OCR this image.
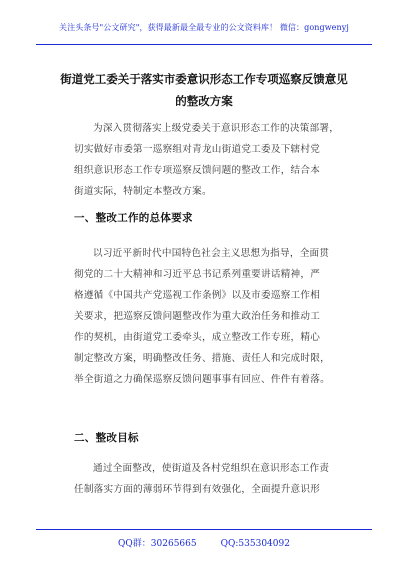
关注头条号"公文研究"，获得最新最全最专业的公文资料库！ 微信：gongwenyj
街道党工委关于落实市委意识形态工作专项巡察反馈意见
的整改方案
为深入贯彻落实上级党委关于意识形态工作的决策部署，
切实做好市委第一巡察组对青龙山街道党工委及下辖村党
组织意识形态工作专项巡察反馈问题的整改工作，结合本
街道实际，特制定本整改方案。
一、整改工作的总体要求
以习近平新时代中国特色社会主义思想为指导，全面贯
彻党的二十大精神和习近平总书记系列重要讲话精神，严
格遵循《中国共产党巡视工作条例》以及市委巡察工作相
关要求，把巡察反馈问题整改作为重大政治任务和推动工
作的契机，由街道党工委牵头，成立整改工作专班，精心
制定整改方案，明确整改任务、措施、责任人和完成时限，
举全街道之力确保巡察反馈问题事事有回应、件件有着落。
二、整改目标
通过全面整改，使街道及各村党组织在意识形态工作责
任制落实方面的薄弱环节得到有效强化，全面提升意识形
QQ群：30265665	QQ:535304092
